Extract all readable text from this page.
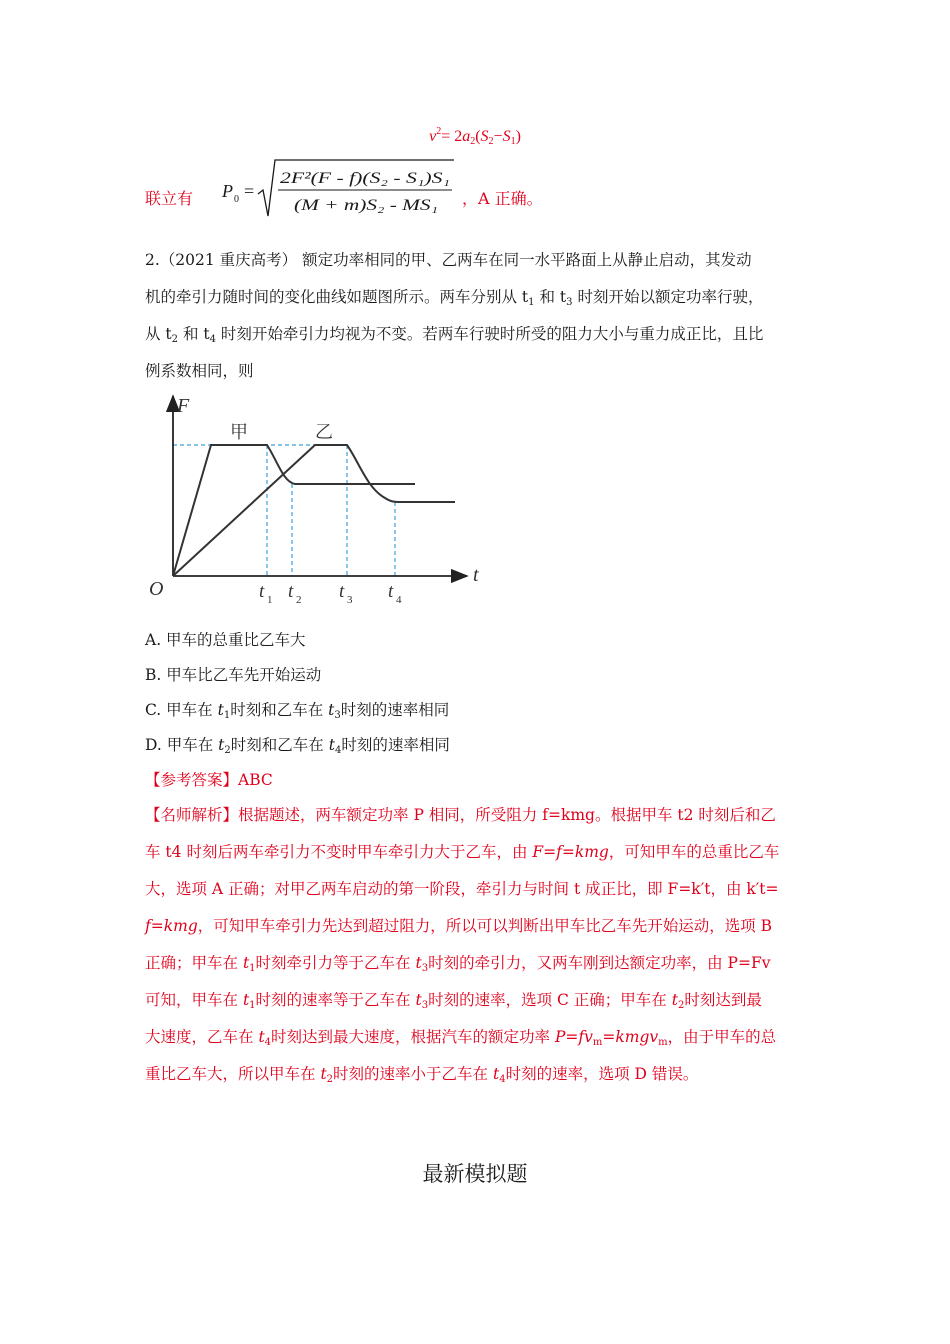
$v^2= 2a_2(S_2-S_1)$
联立有 P 0 =
2F²(F - f)(S₂ - S₁)S₁
(M + m)S₂ - MS₁ ，A 正确。
2.（2021 重庆高考） 额定功率相同的甲、乙两车在同一水平路面上从静止启动，其发动
机的牵引力随时间的变化曲线如题图所示。两车分别从 $t_1$ 和 $t_3$ 时刻开始以额定功率行驶，
从 $t_2$ 和 $t_4$ 时刻开始牵引力均视为不变。若两车行驶时所受的阻力大小与重力成正比，且比
例系数相同，则
F
t
O
甲	乙
t 1 t 2 t 3 t 4
A. 甲车的总重比乙车大
B. 甲车比乙车先开始运动
C. 甲车在 $t_1$时刻和乙车在 $t_3$时刻的速率相同
D. 甲车在 $t_2$时刻和乙车在 $t_4$时刻的速率相同
【参考答案】ABC
【名师解析】根据题述，两车额定功率 P 相同，所受阻力 f=kmg。根据甲车 t2 时刻后和乙
车 t4 时刻后两车牵引力不变时甲车牵引力大于乙车，由 F=f=kmg，可知甲车的总重比乙车
大，选项 A 正确；对甲乙两车启动的第一阶段，牵引力与时间 t 成正比，即 F=k′t，由 k′t=
f=kmg，可知甲车牵引力先达到超过阻力，所以可以判断出甲车比乙车先开始运动，选项 B
正确；甲车在 $t_1$时刻牵引力等于乙车在 $t_3$时刻的牵引力，又两车刚到达额定功率，由 P=Fv
可知，甲车在 $t_1$时刻的速率等于乙车在 $t_3$时刻的速率，选项 C 正确；甲车在 $t_2$时刻达到最
大速度，乙车在 $t_4$时刻达到最大速度，根据汽车的额定功率 $P=fv_m=kmgv_m$，由于甲车的总
重比乙车大，所以甲车在 $t_2$时刻的速率小于乙车在 $t_4$时刻的速率，选项 D 错误。
最新模拟题
